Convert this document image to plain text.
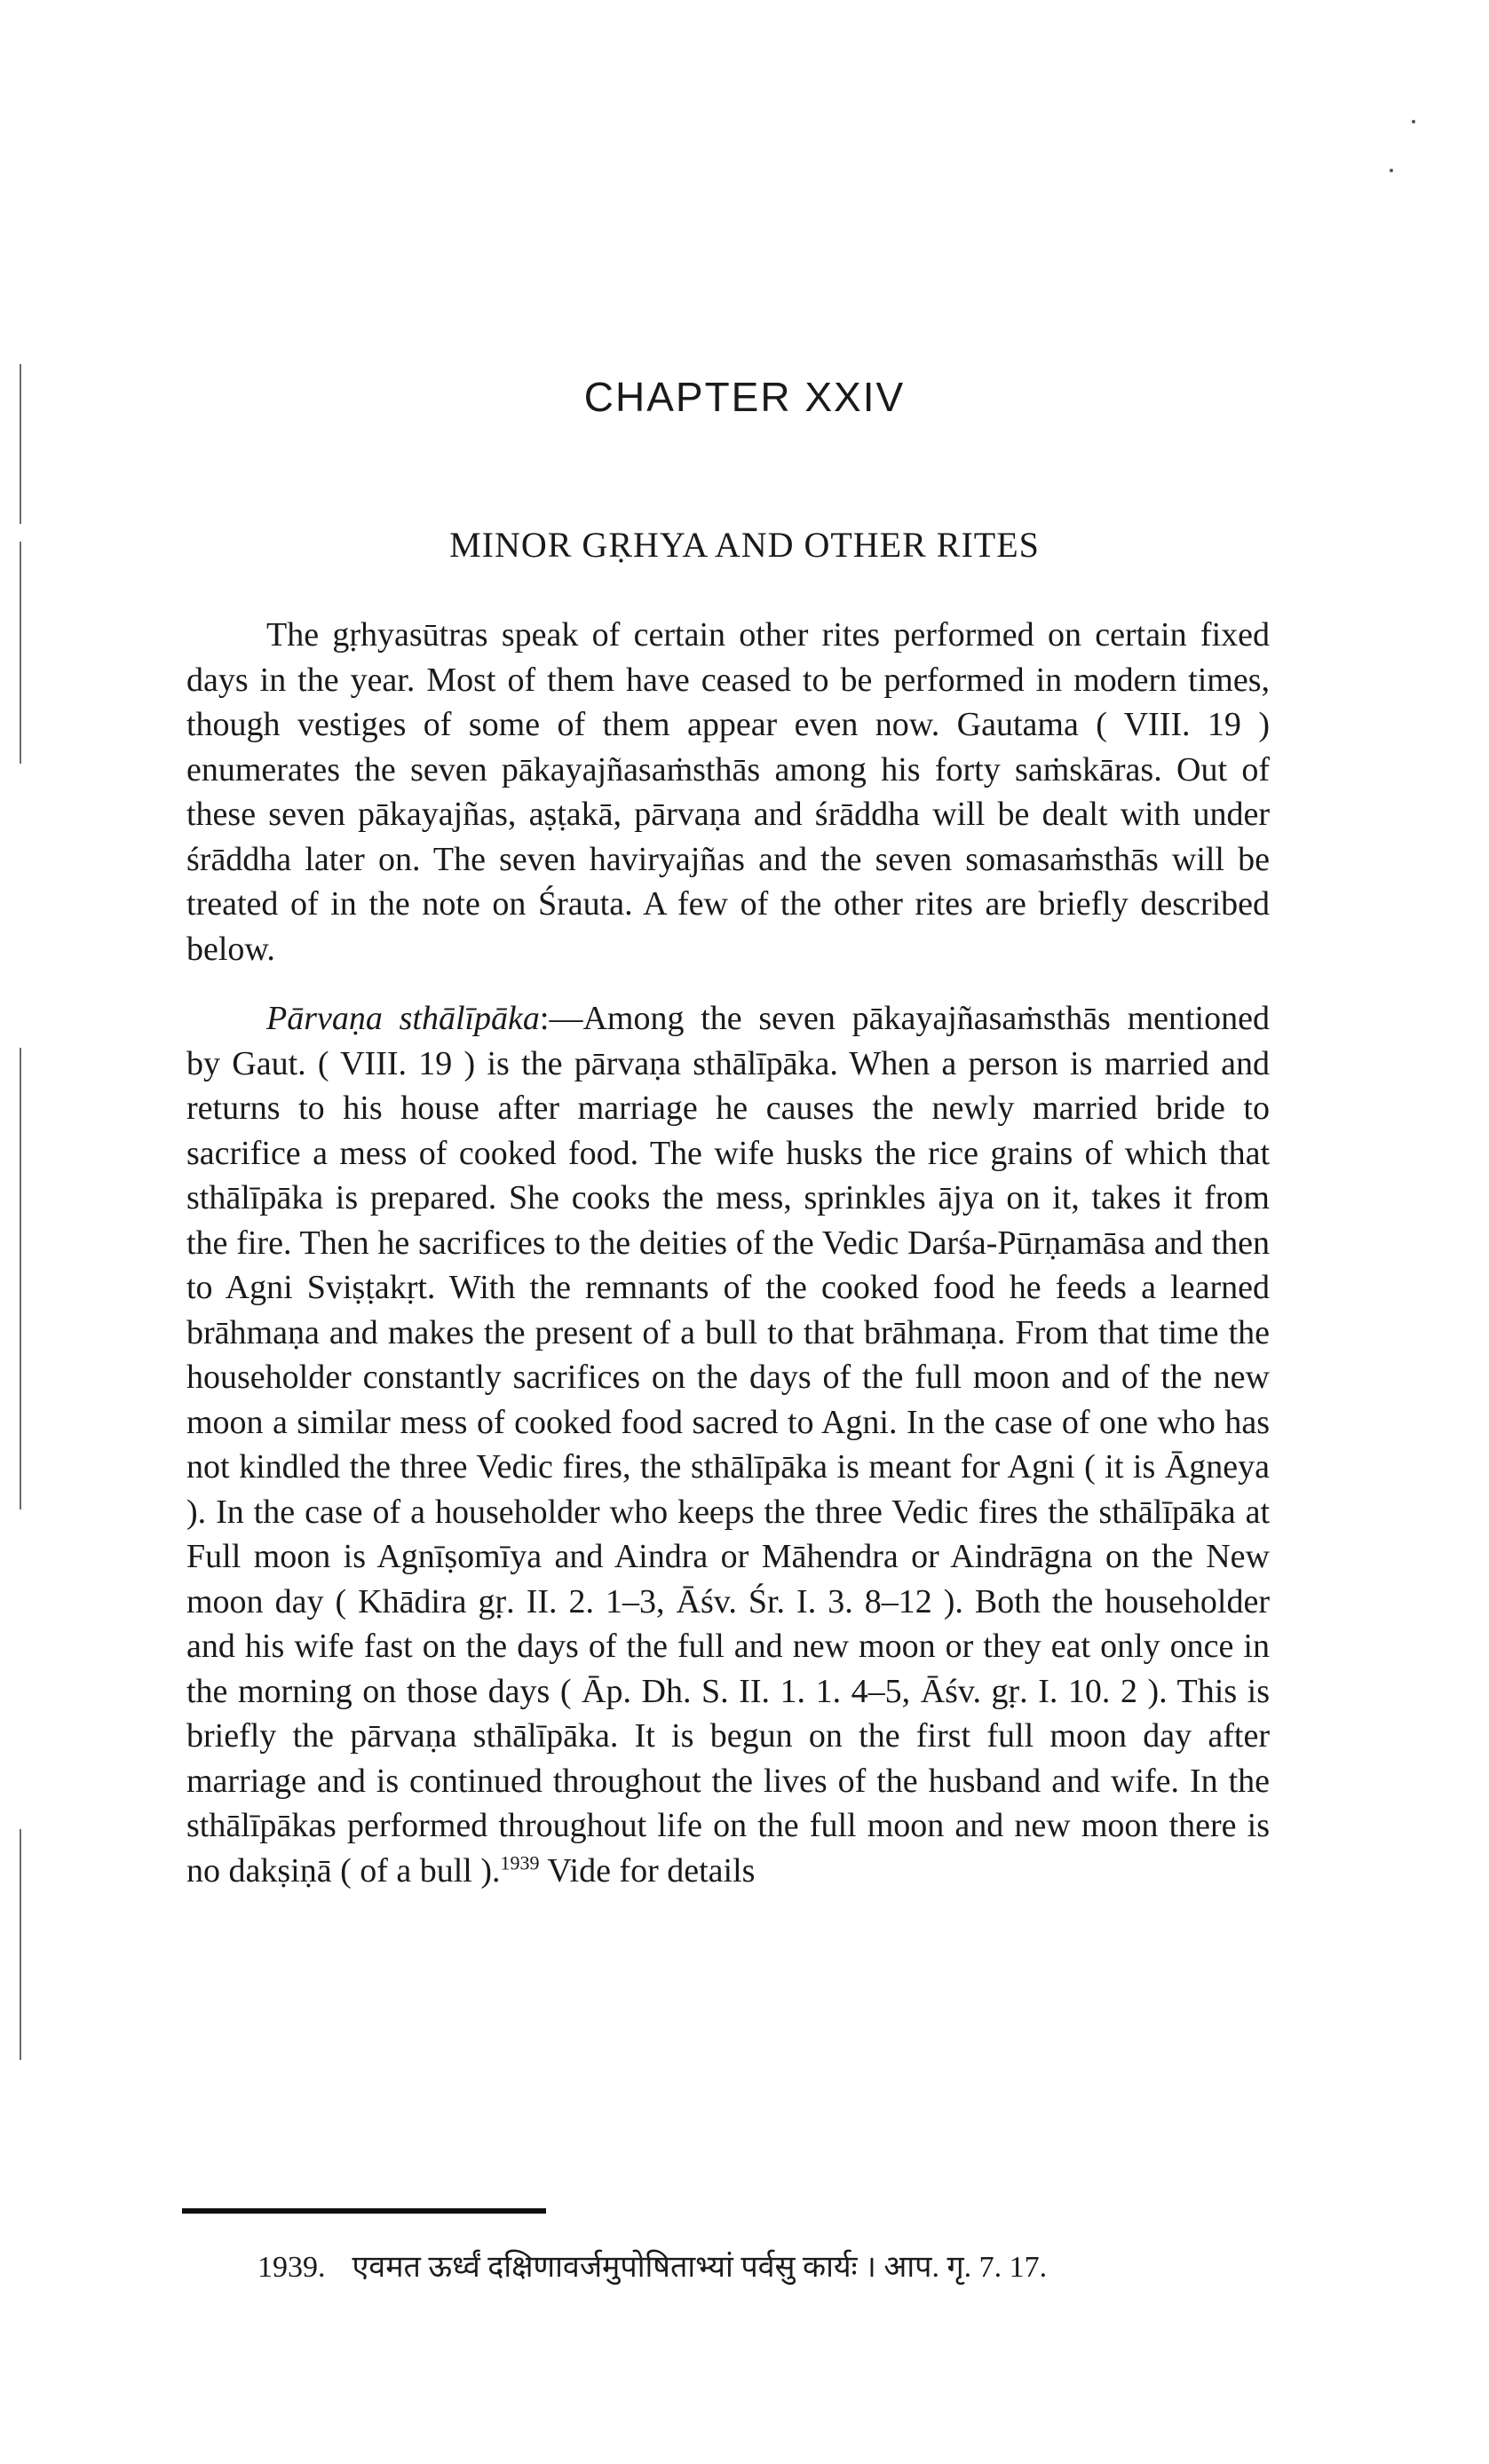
CHAPTER XXIV
MINOR GṚHYA AND OTHER RITES

The gṛhyasūtras speak of certain other rites performed on certain fixed days in the year. Most of them have ceased to be performed in modern times, though vestiges of some of them appear even now. Gautama ( VIII. 19 ) enumerates the seven pākayajñasaṁsthās among his forty saṁskāras. Out of these seven pākayajñas, aṣṭakā, pārvaṇa and śrāddha will be dealt with under śrāddha later on. The seven haviryajñas and the seven somasaṁsthās will be treated of in the note on Śrauta. A few of the other rites are briefly described below.

Pārvaṇa sthālīpāka:—Among the seven pākayajñasaṁsthās mentioned by Gaut. ( VIII. 19 ) is the pārvaṇa sthālīpāka. When a person is married and returns to his house after marriage he causes the newly married bride to sacrifice a mess of cooked food. The wife husks the rice grains of which that sthālīpāka is prepared. She cooks the mess, sprinkles ājya on it, takes it from the fire. Then he sacrifices to the deities of the Vedic Darśa-Pūrṇamāsa and then to Agni Sviṣṭakṛt. With the remnants of the cooked food he feeds a learned brāhmaṇa and makes the present of a bull to that brāhmaṇa. From that time the householder constantly sacrifices on the days of the full moon and of the new moon a similar mess of cooked food sacred to Agni. In the case of one who has not kindled the three Vedic fires, the sthālīpāka is meant for Agni ( it is Āgneya ). In the case of a householder who keeps the three Vedic fires the sthālīpāka at Full moon is Agnīṣomīya and Aindra or Māhendra or Aindrāgna on the New moon day ( Khādira gṛ. II. 2. 1–3, Āśv. Śr. I. 3. 8–12 ). Both the householder and his wife fast on the days of the full and new moon or they eat only once in the morning on those days ( Āp. Dh. S. II. 1. 1. 4–5, Āśv. gṛ. I. 10. 2 ). This is briefly the pārvaṇa sthālīpāka. It is begun on the first full moon day after marriage and is continued throughout the lives of the husband and wife. In the sthālīpākas performed throughout life on the full moon and new moon there is no dakṣiṇā ( of a bull ).$^{1939}$ Vide for details

1939. एवमत ऊर्ध्वं दक्षिणावर्जमुपोषिताभ्यां पर्वसु कार्यः । आप. गृ. 7. 17.
